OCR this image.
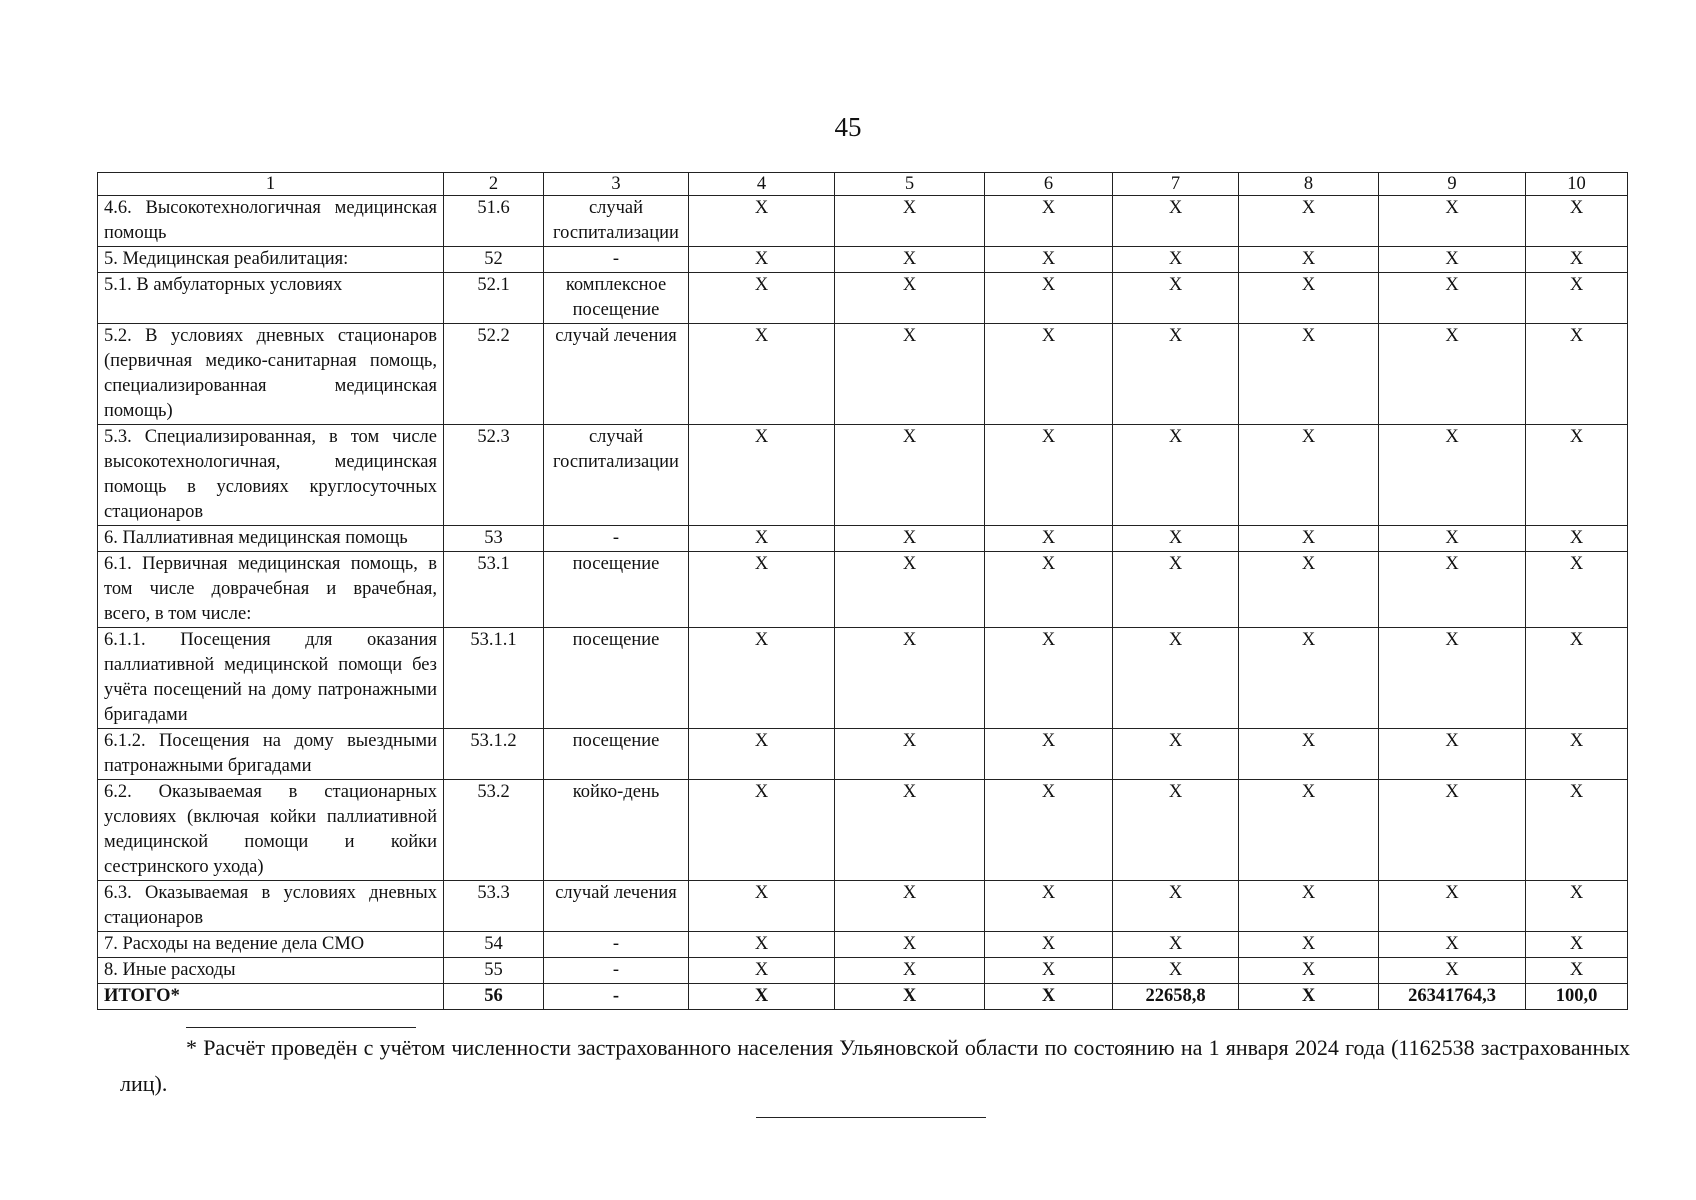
45
1	2	3	4	5	6	7	8	9	10
4.6. Высокотехнологичная медицинская помощь	51.6	случай госпитализации	X	X	X	X	X	X	X
5. Медицинская реабилитация:	52	-	X	X	X	X	X	X	X
5.1. В амбулаторных условиях	52.1	комплексное посещение	X	X	X	X	X	X	X
5.2. В условиях дневных стационаров (первичная медико-санитарная помощь, специализированная медицинская помощь)	52.2	случай лечения	X	X	X	X	X	X	X
5.3. Специализированная, в том числе высокотехнологичная, медицинская помощь в условиях круглосуточных стационаров	52.3	случай госпитализации	X	X	X	X	X	X	X
6. Паллиативная медицинская помощь	53	-	X	X	X	X	X	X	X
6.1. Первичная медицинская помощь, в том числе доврачебная и врачебная, всего, в том числе:	53.1	посещение	X	X	X	X	X	X	X
6.1.1. Посещения для оказания паллиативной медицинской помощи без учёта посещений на дому патронажными бригадами	53.1.1	посещение	X	X	X	X	X	X	X
6.1.2. Посещения на дому выездными патронажными бригадами	53.1.2	посещение	X	X	X	X	X	X	X
6.2. Оказываемая в стационарных условиях (включая койки паллиативной медицинской помощи и койки сестринского ухода)	53.2	койко-день	X	X	X	X	X	X	X
6.3. Оказываемая в условиях дневных стационаров	53.3	случай лечения	X	X	X	X	X	X	X
7. Расходы на ведение дела СМО	54	-	X	X	X	X	X	X	X
8. Иные расходы	55	-	X	X	X	X	X	X	X
ИТОГО*	56	-	X	X	X	22658,8	X	26341764,3	100,0
* Расчёт проведён с учётом численности застрахованного населения Ульяновской области по состоянию на 1 января 2024 года (1162538 застрахованных лиц).
